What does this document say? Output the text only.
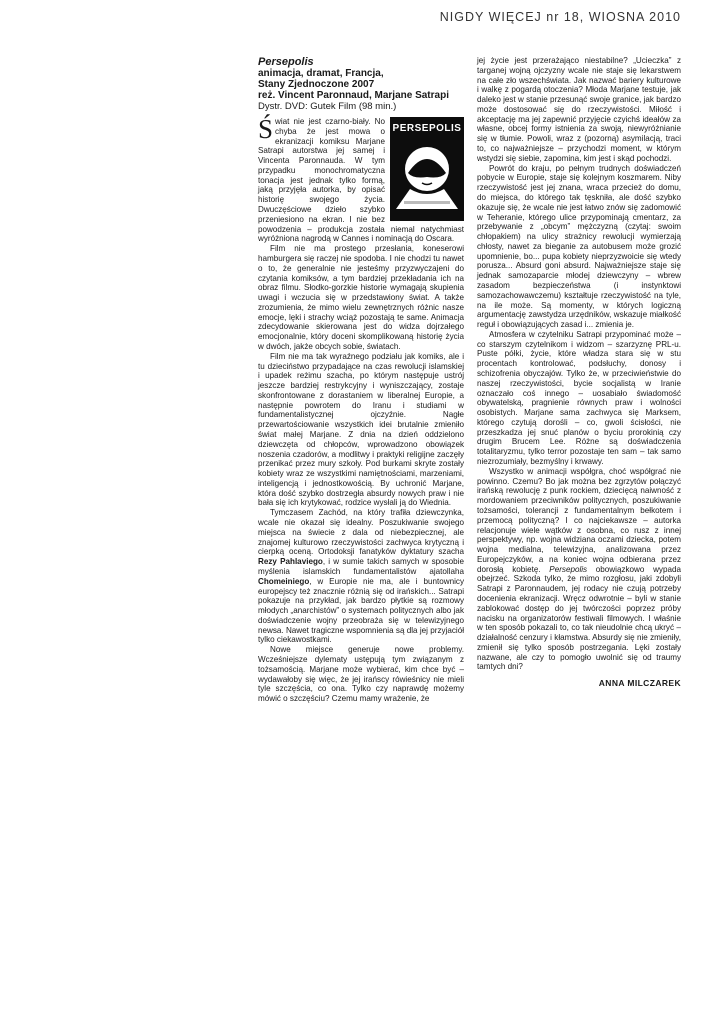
NIGDY WIĘCEJ nr 18, WIOSNA 2010

Persepolis

animacja, dramat, Francja,

Stany Zjednoczone 2007

reż. Vincent Paronnaud, Marjane Satrapi

Dystr. DVD: Gutek Film (98 min.)

PERSEPOLIS

Świat nie jest czarno-biały. No chyba że jest mowa o ekranizacji komiksu Marjane Satrapi autorstwa jej samej i Vincenta Paronnauda. W tym przypadku monochromatyczna tonacja jest jednak tylko formą, jaką przyjęła autorka, by opisać historię swojego życia. Dwuczęściowe dzieło szybko przeniesiono na ekran. I nie bez powodzenia – produkcja została niemal natychmiast wyróżniona nagrodą w Cannes i nominacją do Oscara.

Film nie ma prostego przesłania, koneserowi hamburgera się raczej nie spodoba. I nie chodzi tu nawet o to, że generalnie nie jesteśmy przyzwyczajeni do czytania komiksów, a tym bardziej przekładania ich na obraz filmu. Słodko-gorzkie historie wymagają skupienia uwagi i wczucia się w przedstawiony świat. A także zrozumienia, że mimo wielu zewnętrznych różnic nasze emocje, lęki i strachy wciąż pozostają te same. Animacja zdecydowanie skierowana jest do widza dojrzałego emocjonalnie, który doceni skomplikowaną historię życia w dwóch, jakże obcych sobie, światach.

Film nie ma tak wyraźnego podziału jak komiks, ale i tu dzieciństwo przypadające na czas rewolucji islamskiej i upadek reżimu szacha, po którym następuje ustrój jeszcze bardziej restrykcyjny i wyniszczający, zostaje skonfrontowane z dorastaniem w liberalnej Europie, a następnie powrotem do Iranu i studiami w fundamentalistycznej ojczyźnie. Nagłe przewartościowanie wszystkich idei brutalnie zmieniło świat małej Marjane. Z dnia na dzień oddzielono dziewczęta od chłopców, wprowadzono obowiązek noszenia czadorów, a modlitwy i praktyki religijne zaczęły przenikać przez mury szkoły. Pod burkami skryte zostały kobiety wraz ze wszystkimi namiętnościami, marzeniami, inteligencją i jednostkowością. By uchronić Marjane, która dość szybko dostrzegła absurdy nowych praw i nie bała się ich krytykować, rodzice wysłali ją do Wiednia.

Tymczasem Zachód, na który trafiła dziewczynka, wcale nie okazał się idealny. Poszukiwanie swojego miejsca na świecie z dala od niebezpiecznej, ale znajomej kulturowo rzeczywistości zachwyca krytyczną i cierpką oceną. Ortodoksji fanatyków dyktatury szacha Rezy Pahlaviego, i w sumie takich samych w sposobie myślenia islamskich fundamentalistów ajatollaha Chomeiniego, w Europie nie ma, ale i buntownicy europejscy też znacznie różnią się od irańskich... Satrapi pokazuje na przykład, jak bardzo płytkie są rozmowy młodych „anarchistów” o systemach politycznych albo jak doświadczenie wojny przeobraża się w telewizyjnego newsa. Nawet tragiczne wspomnienia są dla jej przyjaciół tylko ciekawostkami.

Nowe miejsce generuje nowe problemy. Wcześniejsze dylematy ustępują tym związanym z tożsamością. Marjane może wybierać, kim chce być – wydawałoby się więc, że jej irańscy rówieśnicy nie mieli tyle szczęścia, co ona. Tylko czy naprawdę możemy mówić o szczęściu? Czemu mamy wrażenie, że

jej życie jest przerażająco niestabilne? „Ucieczka” z targanej wojną ojczyzny wcale nie staje się lekarstwem na całe zło wszechświata. Jak nazwać bariery kulturowe i walkę z pogardą otoczenia? Młoda Marjane testuje, jak daleko jest w stanie przesunąć swoje granice, jak bardzo może dostosować się do rzeczywistości. Miłość i akceptację ma jej zapewnić przyjęcie czyichś ideałów za własne, obcej formy istnienia za swoją, niewyróżnianie się w tłumie. Powoli, wraz z (pozorną) asymilacją, traci to, co najważniejsze – przychodzi moment, w którym wstydzi się siebie, zapomina, kim jest i skąd pochodzi.

Powrót do kraju, po pełnym trudnych doświadczeń pobycie w Europie, staje się kolejnym koszmarem. Niby rzeczywistość jest jej znana, wraca przecież do domu, do miejsca, do którego tak tęskniła, ale dość szybko okazuje się, że wcale nie jest łatwo znów się zadomowić w Teheranie, którego ulice przypominają cmentarz, za przebywanie z „obcym” mężczyzną (czytaj: swoim chłopakiem) na ulicy strażnicy rewolucji wymierzają chłosty, nawet za bieganie za autobusem może grozić upomnienie, bo... pupa kobiety nieprzyzwoicie się wtedy porusza... Absurd goni absurd. Najważniejsze staje się jednak samozaparcie młodej dziewczyny – wbrew zasadom bezpieczeństwa (i instynktowi samozachowawczemu) kształtuje rzeczywistość na tyle, na ile może. Są momenty, w których logiczną argumentację zawstydza urzędników, wskazuje miałkość reguł i obowiązujących zasad i... zmienia je.

Atmosfera w czytelniku Satrapi przypominać może – co starszym czytelnikom i widzom – szarzyznę PRL-u. Puste półki, życie, które władza stara się w stu procentach kontrolować, podsłuchy, donosy i schizofrenia obyczajów. Tylko że, w przeciwieństwie do naszej rzeczywistości, bycie socjalistą w Iranie oznaczało coś innego – uosabiało świadomość obywatelską, pragnienie równych praw i wolności osobistych. Marjane sama zachwyca się Marksem, którego czytują dorośli – co, gwoli ścisłości, nie przeszkadza jej snuć planów o byciu prorokinią czy drugim Brucem Lee. Różne są doświadczenia totalitaryzmu, tylko terror pozostaje ten sam – tak samo niezrozumiały, bezmyślny i krwawy.

Wszystko w animacji współgra, choć współgrać nie powinno. Czemu? Bo jak można bez zgrzytów połączyć irańską rewolucję z punk rockiem, dziecięcą naiwność z mordowaniem przeciwników politycznych, poszukiwanie tożsamości, tolerancji z fundamentalnym bełkotem i przemocą polityczną? I co najciekawsze – autorka relacjonuje wiele wątków z osobna, co rusz z innej perspektywy, np. wojna widziana oczami dziecka, potem wojna medialna, telewizyjna, analizowana przez Europejczyków, a na koniec wojna odbierana przez dorosłą kobietę. Persepolis obowiązkowo wypada obejrzeć. Szkoda tylko, że mimo rozgłosu, jaki zdobyli Satrapi z Paronnaudem, jej rodacy nie czują potrzeby docenienia ekranizacji. Wręcz odwrotnie – byli w stanie zablokować dostęp do jej twórczości poprzez próby nacisku na organizatorów festiwali filmowych. I właśnie w ten sposób pokazali to, co tak nieudolnie chcą ukryć – działalność cenzury i kłamstwa. Absurdy się nie zmieniły, zmienił się tylko sposób postrzegania. Lęki zostały nazwane, ale czy to pomogło uwolnić się od traumy tamtych dni?

ANNA MILCZAREK
